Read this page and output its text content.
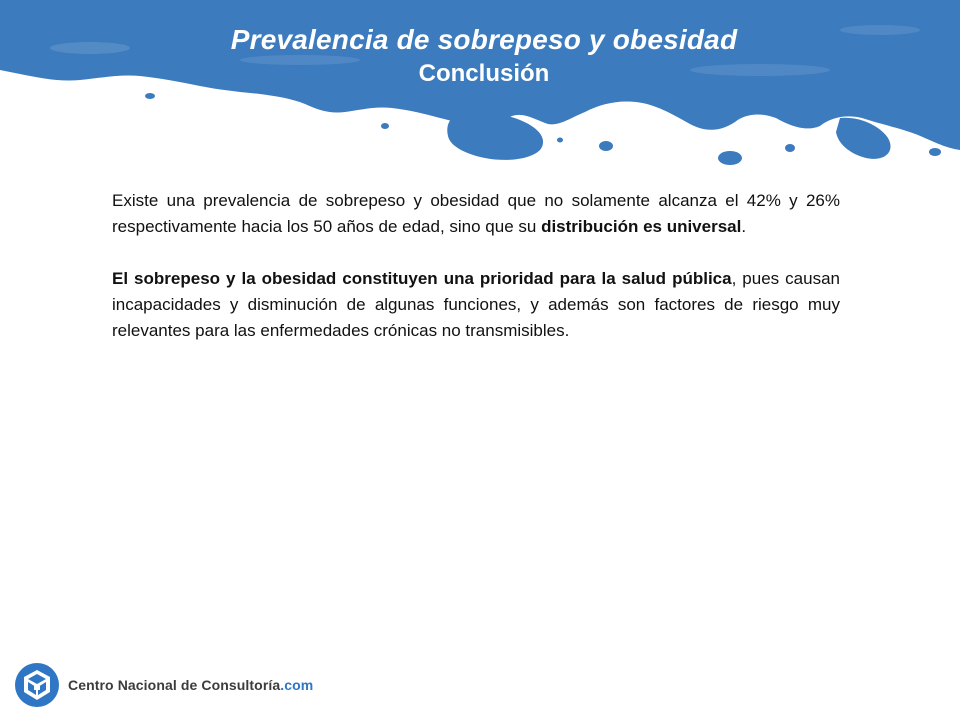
Prevalencia de sobrepeso y obesidad
Conclusión

Existe una prevalencia de sobrepeso y obesidad que no solamente alcanza el 42% y 26% respectivamente hacia los 50 años de edad, sino que su distribución es universal.

El sobrepeso y la obesidad constituyen una prioridad para la salud pública, pues causan incapacidades y disminución de algunas funciones, y además son factores de riesgo muy relevantes para las enfermedades crónicas no transmisibles.

Centro Nacional de Consultoría.com
